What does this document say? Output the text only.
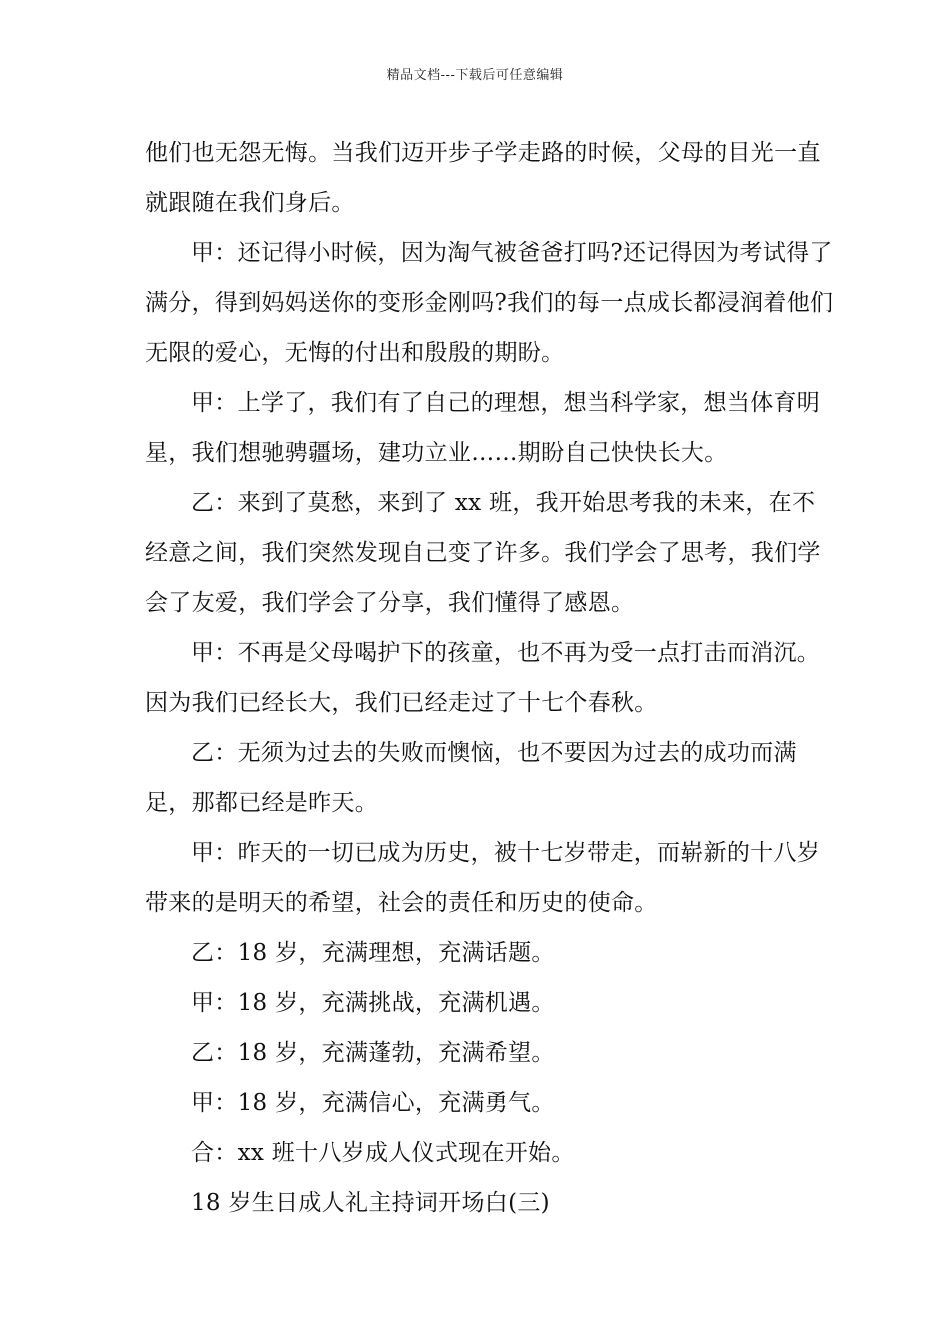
精品文档---下载后可任意编辑

他们也无怨无悔。当我们迈开步子学走路的时候，父母的目光一直就跟随在我们身后。

甲：还记得小时候，因为淘气被爸爸打吗?还记得因为考试得了满分，得到妈妈送你的变形金刚吗?我们的每一点成长都浸润着他们无限的爱心，无悔的付出和殷殷的期盼。

甲：上学了，我们有了自己的理想，想当科学家，想当体育明星，我们想驰骋疆场，建功立业……期盼自己快快长大。

乙：来到了莫愁，来到了 xx 班，我开始思考我的未来，在不经意之间，我们突然发现自己变了许多。我们学会了思考，我们学会了友爱，我们学会了分享，我们懂得了感恩。

甲：不再是父母喝护下的孩童，也不再为受一点打击而消沉。因为我们已经长大，我们已经走过了十七个春秋。

乙：无须为过去的失败而懊恼，也不要因为过去的成功而满足，那都已经是昨天。

甲：昨天的一切已成为历史，被十七岁带走，而崭新的十八岁带来的是明天的希望，社会的责任和历史的使命。

乙：18 岁，充满理想，充满话题。

甲：18 岁，充满挑战，充满机遇。

乙：18 岁，充满蓬勃，充满希望。

甲：18 岁，充满信心，充满勇气。

合：xx 班十八岁成人仪式现在开始。

18 岁生日成人礼主持词开场白(三)
